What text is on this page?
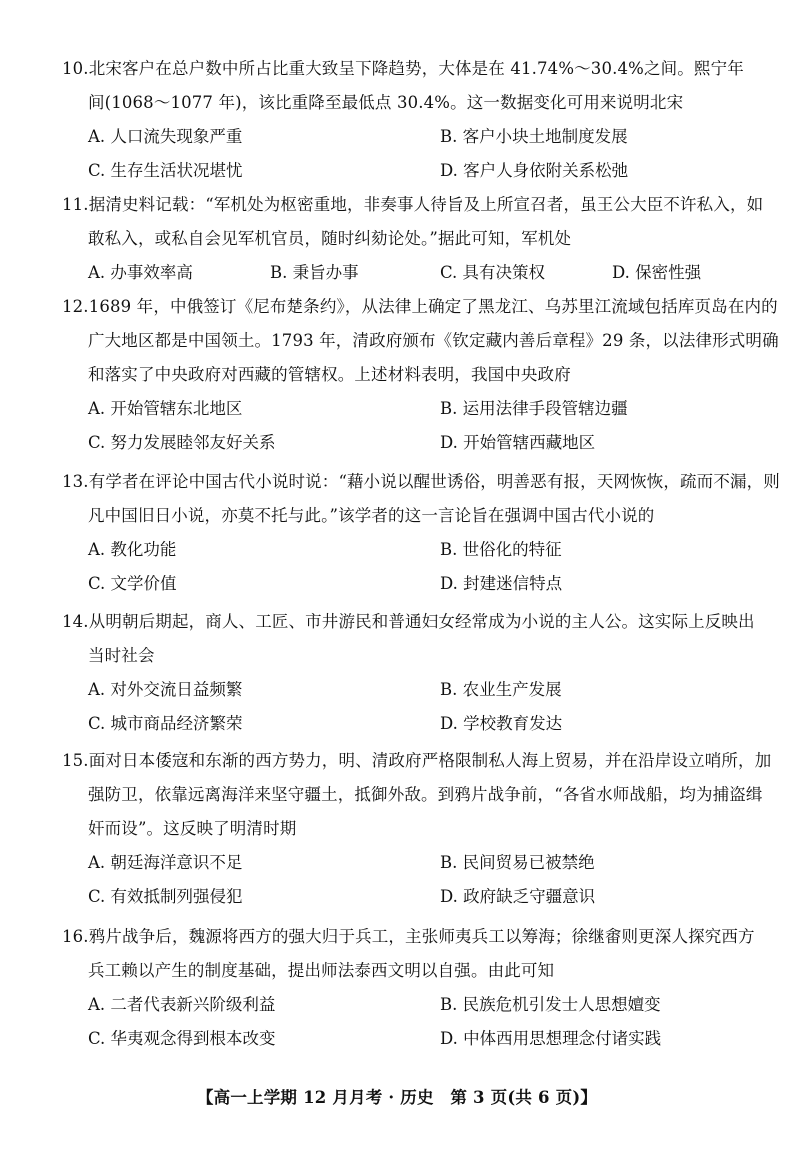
10.北宋客户在总户数中所占比重大致呈下降趋势，大体是在 41.74%～30.4%之间。熙宁年
间(1068～1077 年)，该比重降至最低点 30.4%。这一数据变化可用来说明北宋
A. 人口流失现象严重	B. 客户小块土地制度发展
C. 生存生活状况堪忧	D. 客户人身依附关系松弛
11.据清史料记载：“军机处为枢密重地，非奏事人待旨及上所宣召者，虽王公大臣不许私入，如
敢私入，或私自会见军机官员，随时纠劾论处。”据此可知，军机处
A. 办事效率高	B. 秉旨办事	C. 具有决策权	D. 保密性强
12.1689 年，中俄签订《尼布楚条约》，从法律上确定了黑龙江、乌苏里江流域包括库页岛在内的
广大地区都是中国领土。1793 年，清政府颁布《钦定藏内善后章程》29 条，以法律形式明确
和落实了中央政府对西藏的管辖权。上述材料表明，我国中央政府
A. 开始管辖东北地区	B. 运用法律手段管辖边疆
C. 努力发展睦邻友好关系	D. 开始管辖西藏地区
13.有学者在评论中国古代小说时说：“藉小说以醒世诱俗，明善恶有报，天网恢恢，疏而不漏，则
凡中国旧日小说，亦莫不托与此。”该学者的这一言论旨在强调中国古代小说的
A. 教化功能	B. 世俗化的特征
C. 文学价值	D. 封建迷信特点
14.从明朝后期起，商人、工匠、市井游民和普通妇女经常成为小说的主人公。这实际上反映出
当时社会
A. 对外交流日益频繁	B. 农业生产发展
C. 城市商品经济繁荣	D. 学校教育发达
15.面对日本倭寇和东渐的西方势力，明、清政府严格限制私人海上贸易，并在沿岸设立哨所，加
强防卫，依靠远离海洋来坚守疆土，抵御外敌。到鸦片战争前，“各省水师战船，均为捕盗缉
奸而设”。这反映了明清时期
A. 朝廷海洋意识不足	B. 民间贸易已被禁绝
C. 有效抵制列强侵犯	D. 政府缺乏守疆意识
16.鸦片战争后，魏源将西方的强大归于兵工，主张师夷兵工以筹海；徐继畬则更深人探究西方
兵工赖以产生的制度基础，提出师法泰西文明以自强。由此可知
A. 二者代表新兴阶级利益	B. 民族危机引发士人思想嬗变
C. 华夷观念得到根本改变	D. 中体西用思想理念付诸实践
【高一上学期 12 月月考 · 历史　第 3 页(共 6 页)】
